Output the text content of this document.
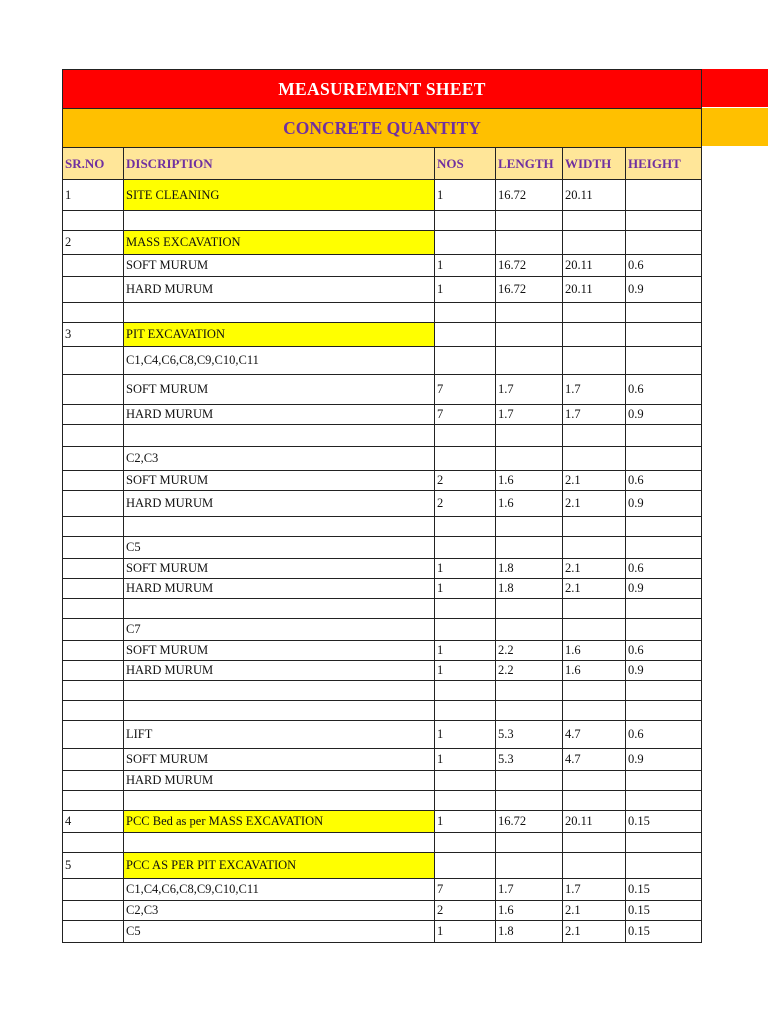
MEASUREMENT SHEET					
CONCRETE QUANTITY					
SR.NO	DISCRIPTION	NOS	LENGTH	WIDTH	HEIGHT
1	SITE CLEANING	1	16.72	20.11	

2	MASS EXCAVATION				
	SOFT MURUM	1	16.72	20.11	0.6
	HARD MURUM	1	16.72	20.11	0.9

3	PIT EXCAVATION				
	C1,C4,C6,C8,C9,C10,C11				
	SOFT MURUM	7	1.7	1.7	0.6
	HARD MURUM	7	1.7	1.7	0.9

	C2,C3				
	SOFT MURUM	2	1.6	2.1	0.6
	HARD MURUM	2	1.6	2.1	0.9

	C5				
	SOFT MURUM	1	1.8	2.1	0.6
	HARD MURUM	1	1.8	2.1	0.9

	C7				
	SOFT MURUM	1	2.2	1.6	0.6
	HARD MURUM	1	2.2	1.6	0.9

	LIFT	1	5.3	4.7	0.6
	SOFT MURUM	1	5.3	4.7	0.9
	HARD MURUM				

4	PCC Bed as per MASS EXCAVATION	1	16.72	20.11	0.15

5	PCC AS PER PIT EXCAVATION				
	C1,C4,C6,C8,C9,C10,C11	7	1.7	1.7	0.15
	C2,C3	2	1.6	2.1	0.15
	C5	1	1.8	2.1	0.15
